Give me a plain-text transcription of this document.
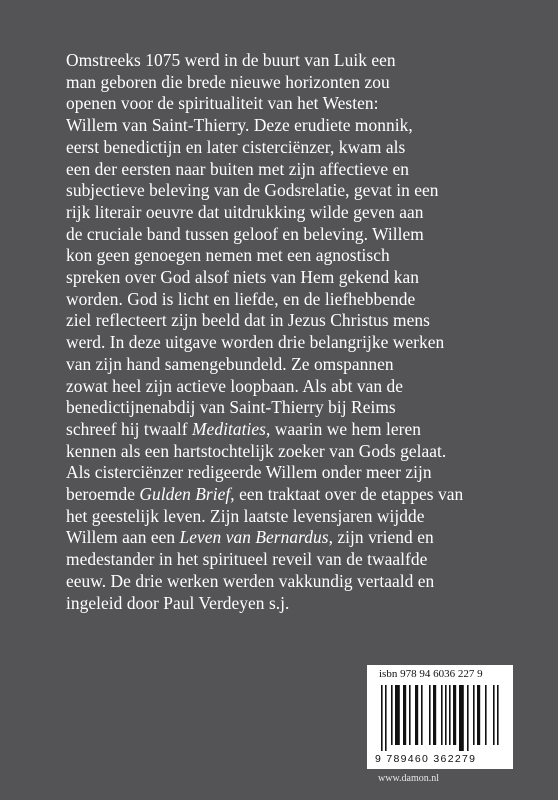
Omstreeks 1075 werd in de buurt van Luik een
man geboren die brede nieuwe horizonten zou
openen voor de spiritualiteit van het Westen:
Willem van Saint-Thierry. Deze erudiete monnik,
eerst benedictijn en later cisterciënzer, kwam als
een der eersten naar buiten met zijn affectieve en
subjectieve beleving van de Godsrelatie, gevat in een
rijk literair oeuvre dat uitdrukking wilde geven aan
de cruciale band tussen geloof en beleving. Willem
kon geen genoegen nemen met een agnostisch
spreken over God alsof niets van Hem gekend kan
worden. God is licht en liefde, en de liefhebbende
ziel reflecteert zijn beeld dat in Jezus Christus mens
werd. In deze uitgave worden drie belangrijke werken
van zijn hand samengebundeld. Ze omspannen
zowat heel zijn actieve loopbaan. Als abt van de
benedictijnenabdij van Saint-Thierry bij Reims
schreef hij twaalf Meditaties, waarin we hem leren
kennen als een hartstochtelijk zoeker van Gods gelaat.
Als cisterciënzer redigeerde Willem onder meer zijn
beroemde Gulden Brief, een traktaat over de etappes van
het geestelijk leven. Zijn laatste levensjaren wijdde
Willem aan een Leven van Bernardus, zijn vriend en
medestander in het spiritueel reveil van de twaalfde
eeuw. De drie werken werden vakkundig vertaald en
ingeleid door Paul Verdeyen s.j.
isbn 978 94 6036 227 9
9 789460 362279
www.damon.nl
